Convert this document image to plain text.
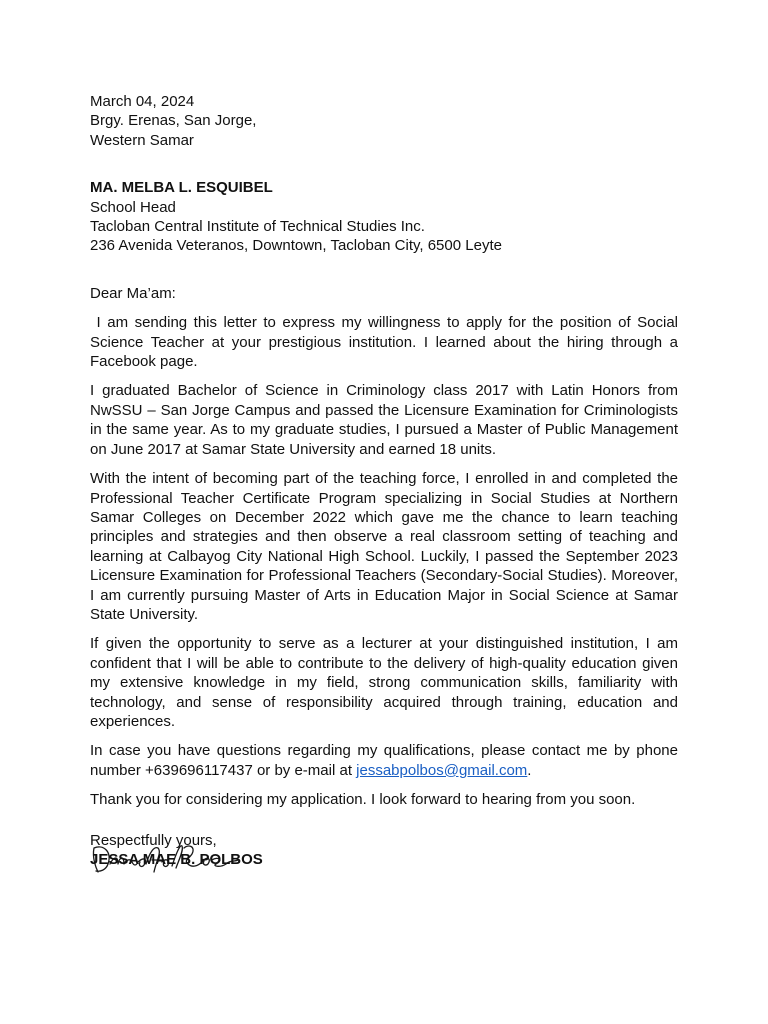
March 04, 2024
Brgy. Erenas, San Jorge,
Western Samar
MA. MELBA L. ESQUIBEL
School Head
Tacloban Central Institute of Technical Studies Inc.
236 Avenida Veteranos, Downtown, Tacloban City, 6500 Leyte
Dear Ma’am:

I am sending this letter to express my willingness to apply for the position of Social Science Teacher at your prestigious institution. I learned about the hiring through a Facebook page.

I graduated Bachelor of Science in Criminology class 2017 with Latin Honors from NwSSU – San Jorge Campus and passed the Licensure Examination for Criminologists in the same year. As to my graduate studies, I pursued a Master of Public Management on June 2017 at Samar State University and earned 18 units.

With the intent of becoming part of the teaching force, I enrolled in and completed the Professional Teacher Certificate Program specializing in Social Studies at Northern Samar Colleges on December 2022 which gave me the chance to learn teaching principles and strategies and then observe a real classroom setting of teaching and learning at Calbayog City National High School. Luckily, I passed the September 2023 Licensure Examination for Professional Teachers (Secondary-Social Studies). Moreover, I am currently pursuing Master of Arts in Education Major in Social Science at Samar State University.

If given the opportunity to serve as a lecturer at your distinguished institution, I am confident that I will be able to contribute to the delivery of high-quality education given my extensive knowledge in my field, strong communication skills, familiarity with technology, and sense of responsibility acquired through training, education and experiences.

In case you have questions regarding my qualifications, please contact me by phone number +639696117437 or by e-mail at jessabpolbos@gmail.com.

Thank you for considering my application. I look forward to hearing from you soon.

Respectfully yours,
JESSA MAE B. POLBOS
